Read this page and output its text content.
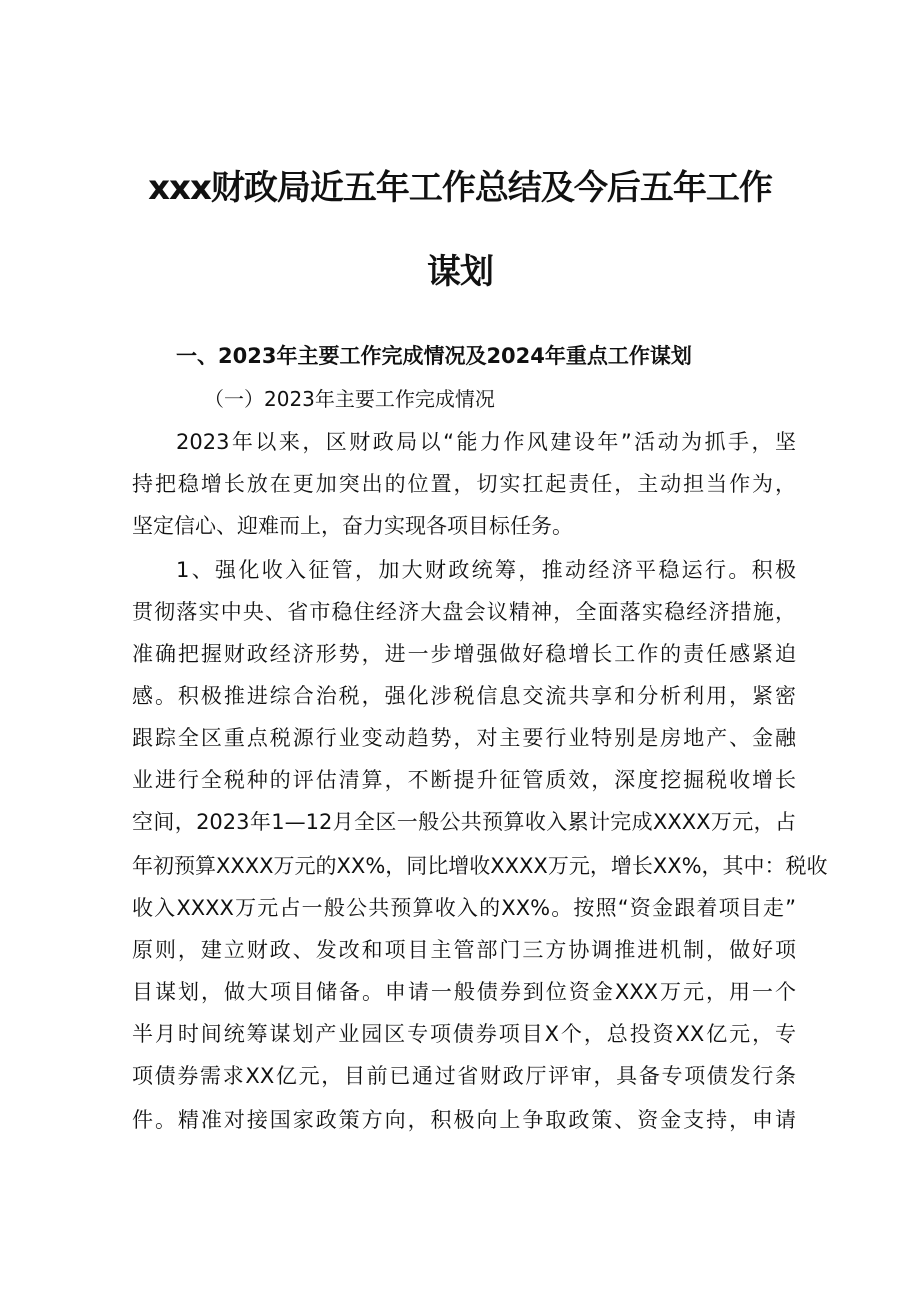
xxx财政局近五年工作总结及今后五年工作
谋划
一、2023年主要工作完成情况及2024年重点工作谋划
（一）2023年主要工作完成情况
2023年以来，区财政局以“能力作风建设年”活动为抓手，坚
持把稳增长放在更加突出的位置，切实扛起责任，主动担当作为，
坚定信心、迎难而上，奋力实现各项目标任务。
1、强化收入征管，加大财政统筹，推动经济平稳运行。积极
贯彻落实中央、省市稳住经济大盘会议精神，全面落实稳经济措施，
准确把握财政经济形势，进一步增强做好稳增长工作的责任感紧迫
感。积极推进综合治税，强化涉税信息交流共享和分析利用，紧密
跟踪全区重点税源行业变动趋势，对主要行业特别是房地产、金融
业进行全税种的评估清算，不断提升征管质效，深度挖掘税收增长
空间，2023年1—12月全区一般公共预算收入累计完成XXXX万元，占
年初预算XXXX万元的XX%，同比增收XXXX万元，增长XX%，其中：税收
收入XXXX万元占一般公共预算收入的XX%。按照“资金跟着项目走”
原则，建立财政、发改和项目主管部门三方协调推进机制，做好项
目谋划，做大项目储备。申请一般债券到位资金XXX万元，用一个
半月时间统筹谋划产业园区专项债券项目X个，总投资XX亿元，专
项债券需求XX亿元，目前已通过省财政厅评审，具备专项债发行条
件。精准对接国家政策方向，积极向上争取政策、资金支持，申请
